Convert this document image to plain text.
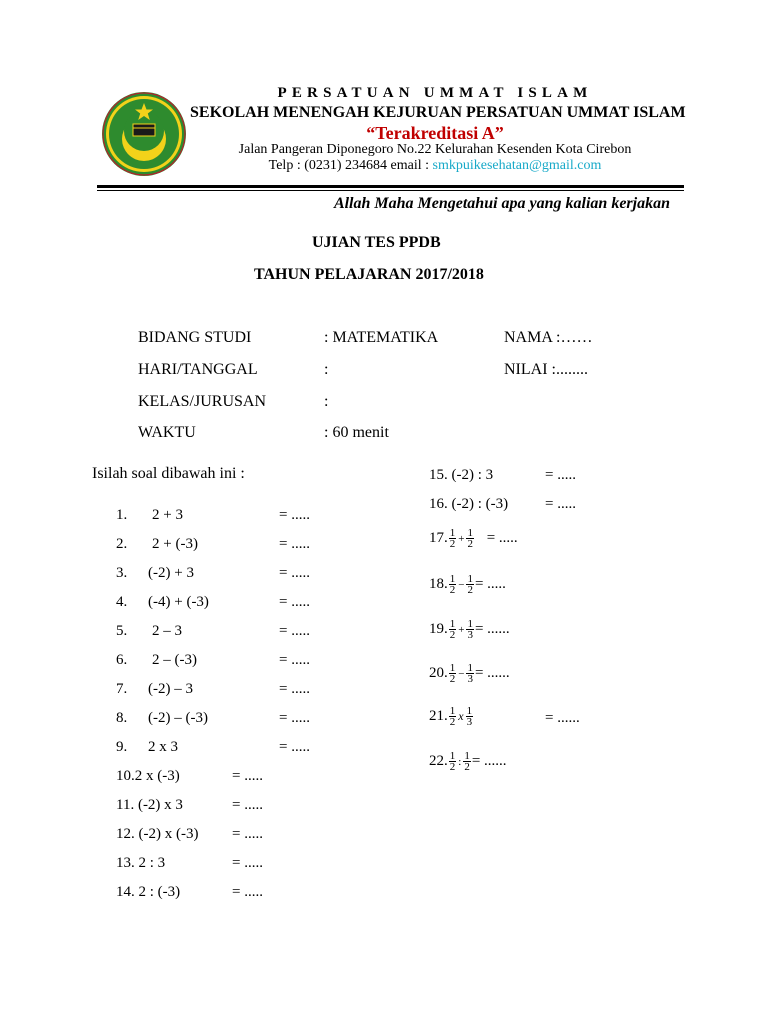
PERSATUAN UMMAT ISLAM
SEKOLAH MENENGAH KEJURUAN PERSATUAN UMMAT ISLAM
“Terakreditasi A”
Jalan Pangeran Diponegoro No.22 Kelurahan Kesenden Kota Cirebon
Telp : (0231) 234684 email : smkpuikesehatan@gmail.com
Allah Maha Mengetahui apa yang kalian kerjakan
UJIAN TES PPDB
TAHUN PELAJARAN 2017/2018
BIDANG STUDI	: MATEMATIKA	NAMA :……
HARI/TANGGAL	:	NILAI :........
KELAS/JURUSAN	:
WAKTU	: 60 menit
Isilah soal dibawah ini :
1. 2 + 3	= .....
2. 2 + (-3)	= .....
3. (-2) + 3	= .....
4. (-4) + (-3)	= .....
5. 2 – 3	= .....
6. 2 – (-3)	= .....
7. (-2) – 3	= .....
8. (-2) – (-3)	= .....
9. 2 x 3	= .....
10.2 x (-3)	= .....
11. (-2) x 3	= .....
12. (-2) x (-3) = .....
13. 2 : 3	= .....
14. 2 : (-3)	= .....
15. (-2) : 3	= .....
16. (-2) : (-3) = .....
17. $\frac{1}{2} + \frac{1}{2}$ = .....
18. $\frac{1}{2} - \frac{1}{2}$ = .....
19. $\frac{1}{2} + \frac{1}{3}$ = ......
20. $\frac{1}{2} - \frac{1}{3}$ = ......
21. $\frac{1}{2}$ x $\frac{1}{3}$	= ......
22. $\frac{1}{2}$ : $\frac{1}{2}$ = ......
